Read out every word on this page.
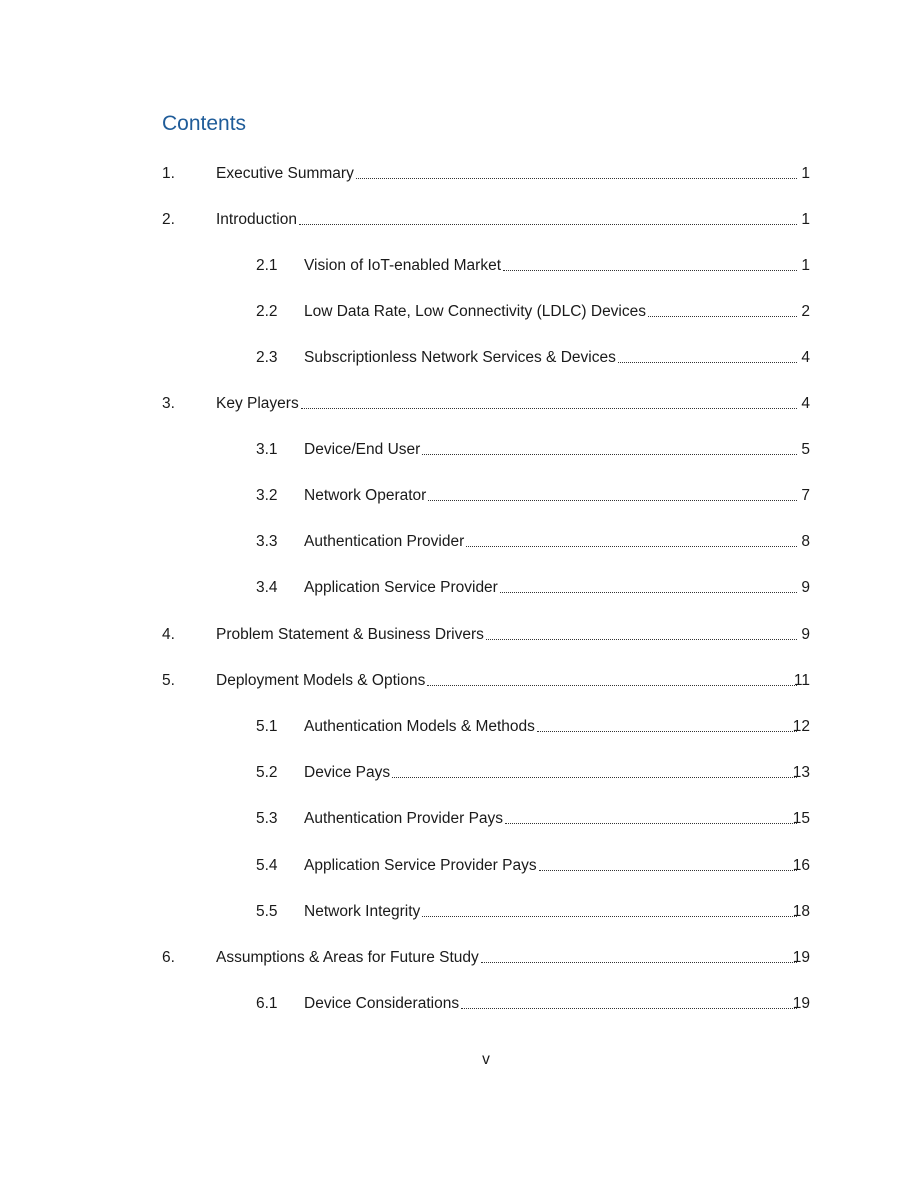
Contents
1.	Executive Summary	1
2.	Introduction	1
2.1 Vision of IoT-enabled Market	1
2.2 Low Data Rate, Low Connectivity (LDLC) Devices	2
2.3 Subscriptionless Network Services & Devices	4
3.	Key Players	4
3.1 Device/End User	5
3.2 Network Operator	7
3.3 Authentication Provider	8
3.4 Application Service Provider	9
4.	Problem Statement & Business Drivers	9
5.	Deployment Models & Options	11
5.1 Authentication Models & Methods	12
5.2 Device Pays	13
5.3 Authentication Provider Pays	15
5.4 Application Service Provider Pays	16
5.5 Network Integrity	18
6.	Assumptions & Areas for Future Study	19
6.1 Device Considerations	19
v
